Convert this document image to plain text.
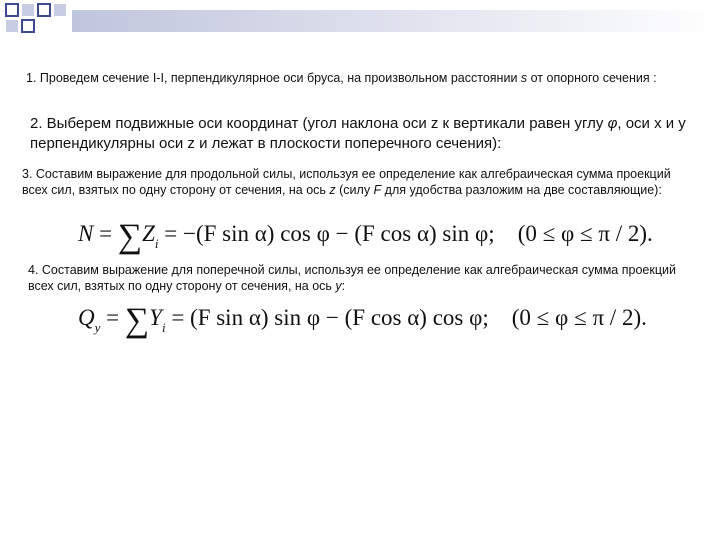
1. Проведем сечение I-I, перпендикулярное оси бруса, на произвольном расстоянии s от опорного сечения :
2. Выберем подвижные оси координат (угол наклона оси z к вертикали равен углу φ, оси x и y перпендикулярны оси z и лежат в плоскости поперечного сечения):
3. Составим выражение для продольной силы, используя ее определение как алгебраическая сумма проекций всех сил, взятых по одну сторону от сечения, на ось z (силу F для удобства разложим на две составляющие):
$N = \sum Z_i = -(F$ sin α) cos φ − (F cos α) sin φ; (0 ≤ φ ≤ π / 2).
4. Составим выражение для поперечной силы, используя ее определение как алгебраическая сумма проекций всех сил, взятых по одну сторону от сечения, на ось y:
$Q_y = \sum Y_i = (F$ sin α) sin φ − (F cos α) cos φ; (0 ≤ φ ≤ π / 2).
